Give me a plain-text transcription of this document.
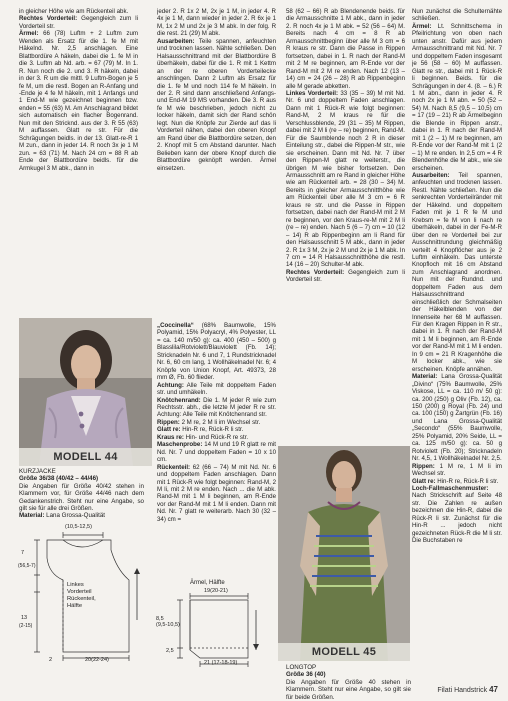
in gleicher Höhe wie am Rückenteil abk.

Rechtes Vorderteil: Gegengleich zum li Vorderteil str.

Ärmel: 66 (78) Luftm + 2 Luftm zum Wenden als Ersatz für die 1. fe M mit Häkelnd. Nr. 2,5 anschlagen. Eine Blattbordüre A häkeln, dabei die 1. fe M in die 3. Luftm ab Nd. arb. = 67 (79) M. In 1. R. Nun noch die 2. und 3. R häkeln, dabei in der 3. R um die mittl. 9 Luftm-Bogen je 5 fe M, um die restl. Bogen an R-Anfang und -Ende je 4 fe M häkeln, mit 1 Anfangs und 1 End-M wie gezeichnet beginnen bzw. enden = 55 (63) M. Am Anschlagrand bildet sich automatisch ein flacher Bogenrand. Nun mit den Stricknd. aus der 3. R 55 (63) M auffassen. Glatt re str. Für die Schrägungen beidls. in der 13. Glatt-re-R 1 M zun., dann in jeder 14. R noch 3x je 1 M zun. = 63 (71) M. Nach 24 cm = 88 R ab Ende der Blattbordüre beidls. für die Armkugel 3 M abk., dann in

jeder 2. R 1x 2 M, 2x je 1 M, in jeder 4. R 4x je 1 M, dann wieder in jeder 2. R 6x je 1 M, 1x 2 M und 2x je 3 M abk. In der folg. R die rest. 21 (29) M abk.

Ausarbeiten: Teile spannen, anfeuchten und trocknen lassen. Nähte schließen. Den Halsausschnittrand mit der Blattbordüre B überhäkeln, dabei für die 1. R mit 1 Kettm an der re oberen Vorderteilecke anschlingen. Dann 2 Luftm als Ersatz für die 1. fe M und noch 114 fe M häkeln. In der 2. R sind dann anschließend Anfangs- und End-M 19 MS vorhanden. Die 3. R aus fe M wie beschrieben, jedoch nicht zu locker häkeln, damit sich der Rand schön legt. Nun die Knöpfe zur Zierde auf das li Vorderteil nähen, dabei den oberen Knopf am Rand über die Blattbordüre setzen, den 2. Knopf mit 5 cm Abstand darunter. Nach Belieben kann der obere Knopf durch die Blattbordüre geknöpft werden. Ärmel einsetzen.

„Coccinella“ (68% Baumwolle, 15% Polyamid, 15% Polyacryl, 4% Polyester, LL = ca. 140 m/50 g): ca. 400 (450 – 500) g Blasslila/Rotviolett/Blauviolett (Fb. 14); Stricknadeln Nr. 6 und 7, 1 Rundstricknadel Nr. 6, 60 cm lang, 1 Wollhäkelnadel Nr. 6; 4 Knöpfe von Union Knopf, Art. 49373, 28 mm Ø, Fb. 60 flieder.

Achtung: Alle Teile mit doppeltem Faden str. und umhäkeln.

Knötchenrand: Die 1. M jeder R wie zum Rechtsstr. abh., die letzte M jeder R re str. Achtung: Alle Teile mit Knötchenrand str.

Rippen: 2 M re, 2 M li im Wechsel str.

Glatt re: Hin-R re, Rück-R li str.

Kraus re: Hin- und Rück-R re str.

Maschenprobe: 14 M und 19 R glatt re mit Nd. Nr. 7 und doppeltem Faden = 10 x 10 cm.

Rückenteil: 62 (66 – 74) M mit Nd. Nr. 6 und doppeltem Faden anschlagen. Dann mit 1 Rück-R wie folgt beginnen: Rand-M, 2 M li, mit 2 M re enden. Nach ... die M abk. Rand-M mit 1 M li beginnen, am R-Ende vor der Rand-M mit 1 M li enden. Dann mit Nd. Nr. 7 glatt re weiterarb. Nach 30 (32 – 34) cm =

58 (62 – 66) R ab Blendenende beids. für die Armausschnitte 1 M abk., dann in jeder 2. R noch 4x je 1 M abk. = 52 (56 – 64) M. Bereits nach 4 cm = 8 R ab Armausschnittbeginn über alle M 3 cm = 6 R kraus re str. Dann die Passe in Rippen fortsetzen, dabei in 1. R nach der Rand-M mit 2 M re beginnen, am R-Ende vor der Rand-M mit 2 M re enden. Nach 12 (13 – 14) cm = 24 (26 – 28) R ab Rippenbeginn alle M gerade abketten.

Linkes Vorderteil: 33 (35 – 39) M mit Nd. Nr. 6 und doppeltem Faden anschlagen. Dann mit 1 Rück-R wie folgt beginnen: Rand-M, 2 M kraus re für die Verschlussblende, 29 (31 – 35) M Rippen, dabei mit 2 M li (re – re) beginnen, Rand-M. Für die Saumblende noch 2 R in dieser Einteilung str., dabei die Rippen-M str., wie sie erscheinen. Dann mit Nd. Nr. 7 über den Rippen-M glatt re weiterstr., die übrigen M wie bisher fortsetzen. Den Armausschnitt am re Rand in gleicher Höhe wie am Rückenteil arb. = 28 (30 – 34) M. Bereits in gleicher Armausschnitthöhe wie am Rückenteil über alle M 3 cm = 6 R kraus re str. und die Passe in Rippen fortsetzen, dabei nach der Rand-M mit 2 M re beginnen, vor den Kraus-re-M mit 2 M li (re – re) enden. Nach 5 (6 – 7) cm = 10 (12 – 14) R ab Rippenbeginn am li Rand für den Halsausschnitt 5 M abk., dann in jeder 2. R 1x 3 M, 2x je 2 M und 2x je 1 M abk. In 7 cm = 14 R Halsausschnitthöhe die restl. 14 (16 – 20) Schulter-M abk.

Rechtes Vorderteil: Gegengleich zum li Vorderteil str.

Nun zunächst die Schulternähte schließen.

Ärmel: Lt. Schnittschema in Pfeilrichtung von oben nach unten anstr. Dafür aus jedem Armausschnittrand mit Nd. Nr. 7 und doppeltem Faden insgesamt je 56 (58 – 60) M auffassen. Glatt re str., dabei mit 1 Rück-R li beginnen. Beids. für die Schrägungen in der 4. (8. – 6.) R 1 M abn., dann in jeder 4. R noch 2x je 1 M abn. = 50 (52 – 54) M. Nach 8,5 (9,5 – 10,5) cm = 17 (19 – 21) R ab Ärmelbeginn die Blende in Rippen anstr., dabei in 1. R nach der Rand-M mit 1 (2 – 1) M re beginnen, am R-Ende vor der Rand-M mit 1 (2 – 1) M re enden. In 2,5 cm = 4 R Blendenhöhe die M abk., wie sie erscheinen.

Ausarbeiten: Teil spannen, anfeuchten und trocknen lassen. Restl. Nähte schließen. Nun die senkrechten Vorderteilränder mit der Häkelnd. und doppeltem Faden mit je 1 R fe M und Krebsm = fe M von li nach re überhäkeln, dabei in der Fe-M-R über den re Vorderteil bei zur Ausschnittrundung gleichmäßig verteilt 4 Knopflöcher aus je 2 Luftm einhäkeln. Das unterste Knopfloch mit 16 cm Abstand zum Anschlagrand anordnen. Nun mit der Rundnd. und doppeltem Faden aus dem Halsausschnittrand einschließlich der Schmalseiten der Häkelblenden von der Innenseite her 68 M auffassen. Für den Kragen Rippen in R str., dabei in 1. R nach der Rand-M mit 1 M li beginnen, am R-Ende vor der Rand-M mit 1 M li enden. In 9 cm = 21 R Kragenhöhe die M locker abk., wie sie erscheinen. Knöpfe annähen.

Material: Lana Grossa-Qualität „Divino“ (75% Baumwolle, 25% Viskose, LL = ca. 110 m/ 50 g): ca. 200 (250) g Oliv (Fb. 12), ca. 150 (200) g Royal (Fb. 24) und ca. 100 (150) g Zartgrün (Fb. 16) und Lana Grossa-Qualität „Secondo“ (55% Baumwolle, 25% Polyamid, 20% Seide, LL = ca. 125 m/50 g): ca. 50 g Rotviolett (Fb. 20); Stricknadeln Nr. 4,5, 1 Wollhäkelnadel Nr. 2,5.

Rippen: 1 M re, 1 M li im Wechsel str.

Glatt re: Hin-R re, Rück-R li str.

Loch-Fallmaschenmuster: Nach Strickschrift auf Seite 48 str. Die Zahlen re außen bezeichnen die Hin-R, dabei die Rück-R li str. Zunächst für die Hin-R ... jedoch nicht gezeichneten Rück-R die M li str. Die Buchstaben re

MODELL 44
KURZJACKE
Größe 36/38 (40/42 – 44/46)
Die Angaben für Größe 40/42 stehen in Klammern vor, für Größe 44/46 nach dem Gedankenstrich. Steht nur eine Angabe, so gilt sie für alle drei Größen.
Material: Lana Grossa-Qualität
(10,5-12,5)
7
(56,5-7)
13
(2-15)
Linkes
Vorderteil
Rückenteil,
Hälfte
2	20(22-24)
Ärmel, Hälfte
19(20-21)
8,5
(9,5-10,5)
2,5
21 (17-18-19)
MODELL 45
LONGTOP
Größe 36 (40)
Die Angaben für Größe 40 stehen in Klammern. Steht nur eine Angabe, so gilt sie für beide Größen.
Filati Handstrick 47
